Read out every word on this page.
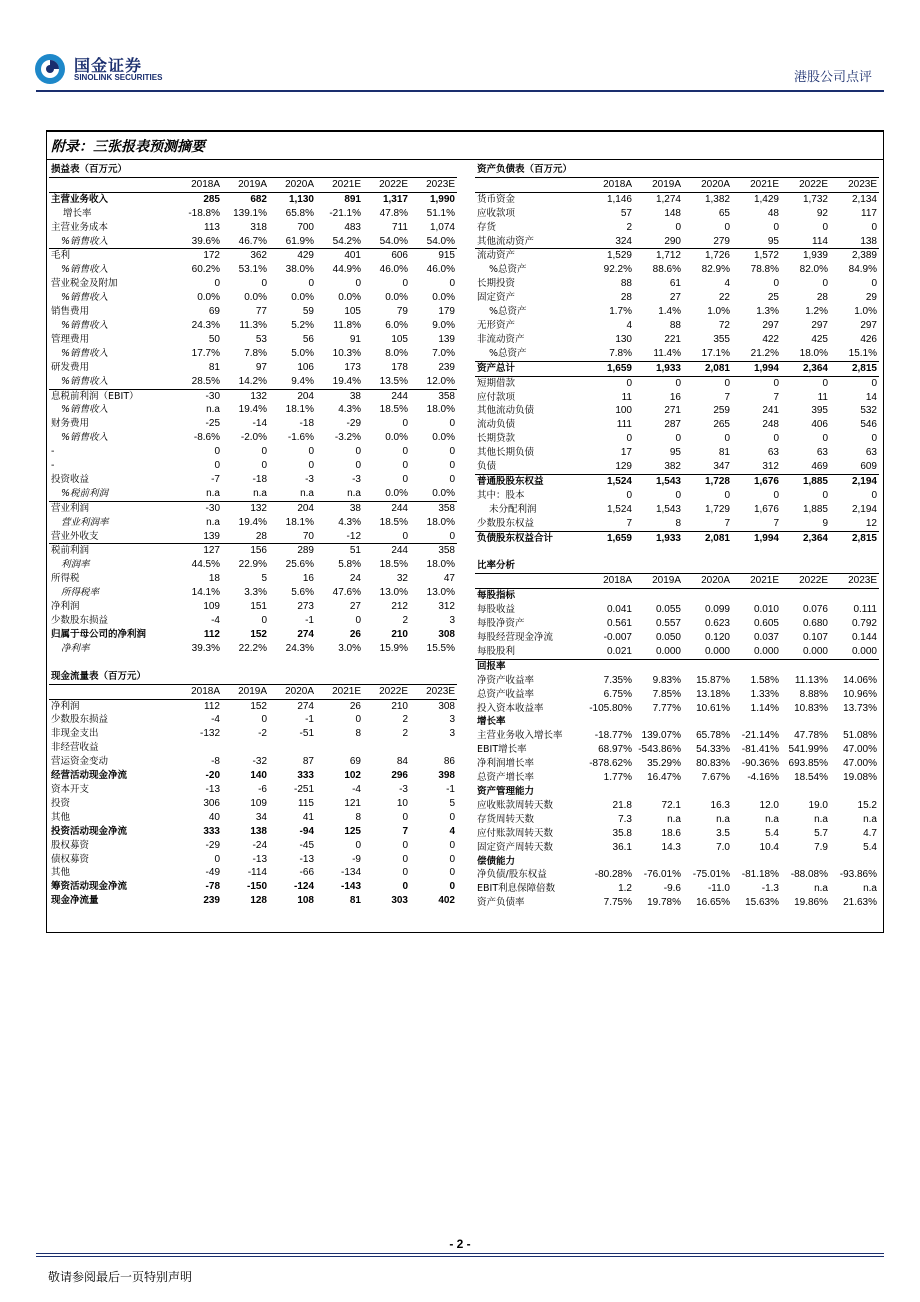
国金证券
SINOLINK SECURITIES	港股公司点评
附录：三张报表预测摘要
损益表（百万元）						
	2018A	2019A	2020A	2021E	2022E	2023E
主营业务收入	285	682	1,130	891	1,317	1,990
增长率	-18.8%	139.1%	65.8%	-21.1%	47.8%	51.1%
主营业务成本	113	318	700	483	711	1,074
%销售收入	39.6%	46.7%	61.9%	54.2%	54.0%	54.0%
毛利	172	362	429	401	606	915
%销售收入	60.2%	53.1%	38.0%	44.9%	46.0%	46.0%
营业税金及附加	0	0	0	0	0	0
%销售收入	0.0%	0.0%	0.0%	0.0%	0.0%	0.0%
销售费用	69	77	59	105	79	179
%销售收入	24.3%	11.3%	5.2%	11.8%	6.0%	9.0%
管理费用	50	53	56	91	105	139
%销售收入	17.7%	7.8%	5.0%	10.3%	8.0%	7.0%
研发费用	81	97	106	173	178	239
%销售收入	28.5%	14.2%	9.4%	19.4%	13.5%	12.0%
息税前利润（EBIT）	-30	132	204	38	244	358
%销售收入	n.a	19.4%	18.1%	4.3%	18.5%	18.0%
财务费用	-25	-14	-18	-29	0	0
%销售收入	-8.6%	-2.0%	-1.6%	-3.2%	0.0%	0.0%
-	0	0	0	0	0	0
-	0	0	0	0	0	0
投资收益	-7	-18	-3	-3	0	0
%税前利润	n.a	n.a	n.a	n.a	0.0%	0.0%
营业利润	-30	132	204	38	244	358
营业利润率	n.a	19.4%	18.1%	4.3%	18.5%	18.0%
营业外收支	139	28	70	-12	0	0
税前利润	127	156	289	51	244	358
利润率	44.5%	22.9%	25.6%	5.8%	18.5%	18.0%
所得税	18	5	16	24	32	47
所得税率	14.1%	3.3%	5.6%	47.6%	13.0%	13.0%
净利润	109	151	273	27	212	312
少数股东损益	-4	0	-1	0	2	3
归属于母公司的净利润	112	152	274	26	210	308
净利率	39.3%	22.2%	24.3%	3.0%	15.9%	15.5%
现金流量表（百万元）						
	2018A	2019A	2020A	2021E	2022E	2023E
净利润	112	152	274	26	210	308
少数股东损益	-4	0	-1	0	2	3
非现金支出	-132	-2	-51	8	2	3
非经营收益						
营运资金变动	-8	-32	87	69	84	86
经营活动现金净流	-20	140	333	102	296	398
资本开支	-13	-6	-251	-4	-3	-1
投资	306	109	115	121	10	5
其他	40	34	41	8	0	0
投资活动现金净流	333	138	-94	125	7	4
股权募资	-29	-24	-45	0	0	0
债权募资	0	-13	-13	-9	0	0
其他	-49	-114	-66	-134	0	0
筹资活动现金净流	-78	-150	-124	-143	0	0
现金净流量	239	128	108	81	303	402
资产负债表（百万元）						
	2018A	2019A	2020A	2021E	2022E	2023E
货币资金	1,146	1,274	1,382	1,429	1,732	2,134
应收款项	57	148	65	48	92	117
存货	2	0	0	0	0	0
其他流动资产	324	290	279	95	114	138
流动资产	1,529	1,712	1,726	1,572	1,939	2,389
%总资产	92.2%	88.6%	82.9%	78.8%	82.0%	84.9%
长期投资	88	61	4	0	0	0
固定资产	28	27	22	25	28	29
%总资产	1.7%	1.4%	1.0%	1.3%	1.2%	1.0%
无形资产	4	88	72	297	297	297
非流动资产	130	221	355	422	425	426
%总资产	7.8%	11.4%	17.1%	21.2%	18.0%	15.1%
资产总计	1,659	1,933	2,081	1,994	2,364	2,815
短期借款	0	0	0	0	0	0
应付款项	11	16	7	7	11	14
其他流动负债	100	271	259	241	395	532
流动负债	111	287	265	248	406	546
长期贷款	0	0	0	0	0	0
其他长期负债	17	95	81	63	63	63
负债	129	382	347	312	469	609
普通股股东权益	1,524	1,543	1,728	1,676	1,885	2,194
其中：股本	0	0	0	0	0	0
未分配利润	1,524	1,543	1,729	1,676	1,885	2,194
少数股东权益	7	8	7	7	9	12
负债股东权益合计	1,659	1,933	2,081	1,994	2,364	2,815
比率分析						
	2018A	2019A	2020A	2021E	2022E	2023E
每股指标						
每股收益	0.041	0.055	0.099	0.010	0.076	0.111
每股净资产	0.561	0.557	0.623	0.605	0.680	0.792
每股经营现金净流	-0.007	0.050	0.120	0.037	0.107	0.144
每股股利	0.021	0.000	0.000	0.000	0.000	0.000
回报率						
净资产收益率	7.35%	9.83%	15.87%	1.58%	11.13%	14.06%
总资产收益率	6.75%	7.85%	13.18%	1.33%	8.88%	10.96%
投入资本收益率	-105.80%	7.77%	10.61%	1.14%	10.83%	13.73%
增长率						
主营业务收入增长率	-18.77%	139.07%	65.78%	-21.14%	47.78%	51.08%
EBIT增长率	68.97%	-543.86%	54.33%	-81.41%	541.99%	47.00%
净利润增长率	-878.62%	35.29%	80.83%	-90.36%	693.85%	47.00%
总资产增长率	1.77%	16.47%	7.67%	-4.16%	18.54%	19.08%
资产管理能力						
应收账款周转天数	21.8	72.1	16.3	12.0	19.0	15.2
存货周转天数	7.3	n.a	n.a	n.a	n.a	n.a
应付账款周转天数	35.8	18.6	3.5	5.4	5.7	4.7
固定资产周转天数	36.1	14.3	7.0	10.4	7.9	5.4
偿债能力						
净负债/股东权益	-80.28%	-76.01%	-75.01%	-81.18%	-88.08%	-93.86%
EBIT利息保障倍数	1.2	-9.6	-11.0	-1.3	n.a	n.a
资产负债率	7.75%	19.78%	16.65%	15.63%	19.86%	21.63%
- 2 -
敬请参阅最后一页特别声明
